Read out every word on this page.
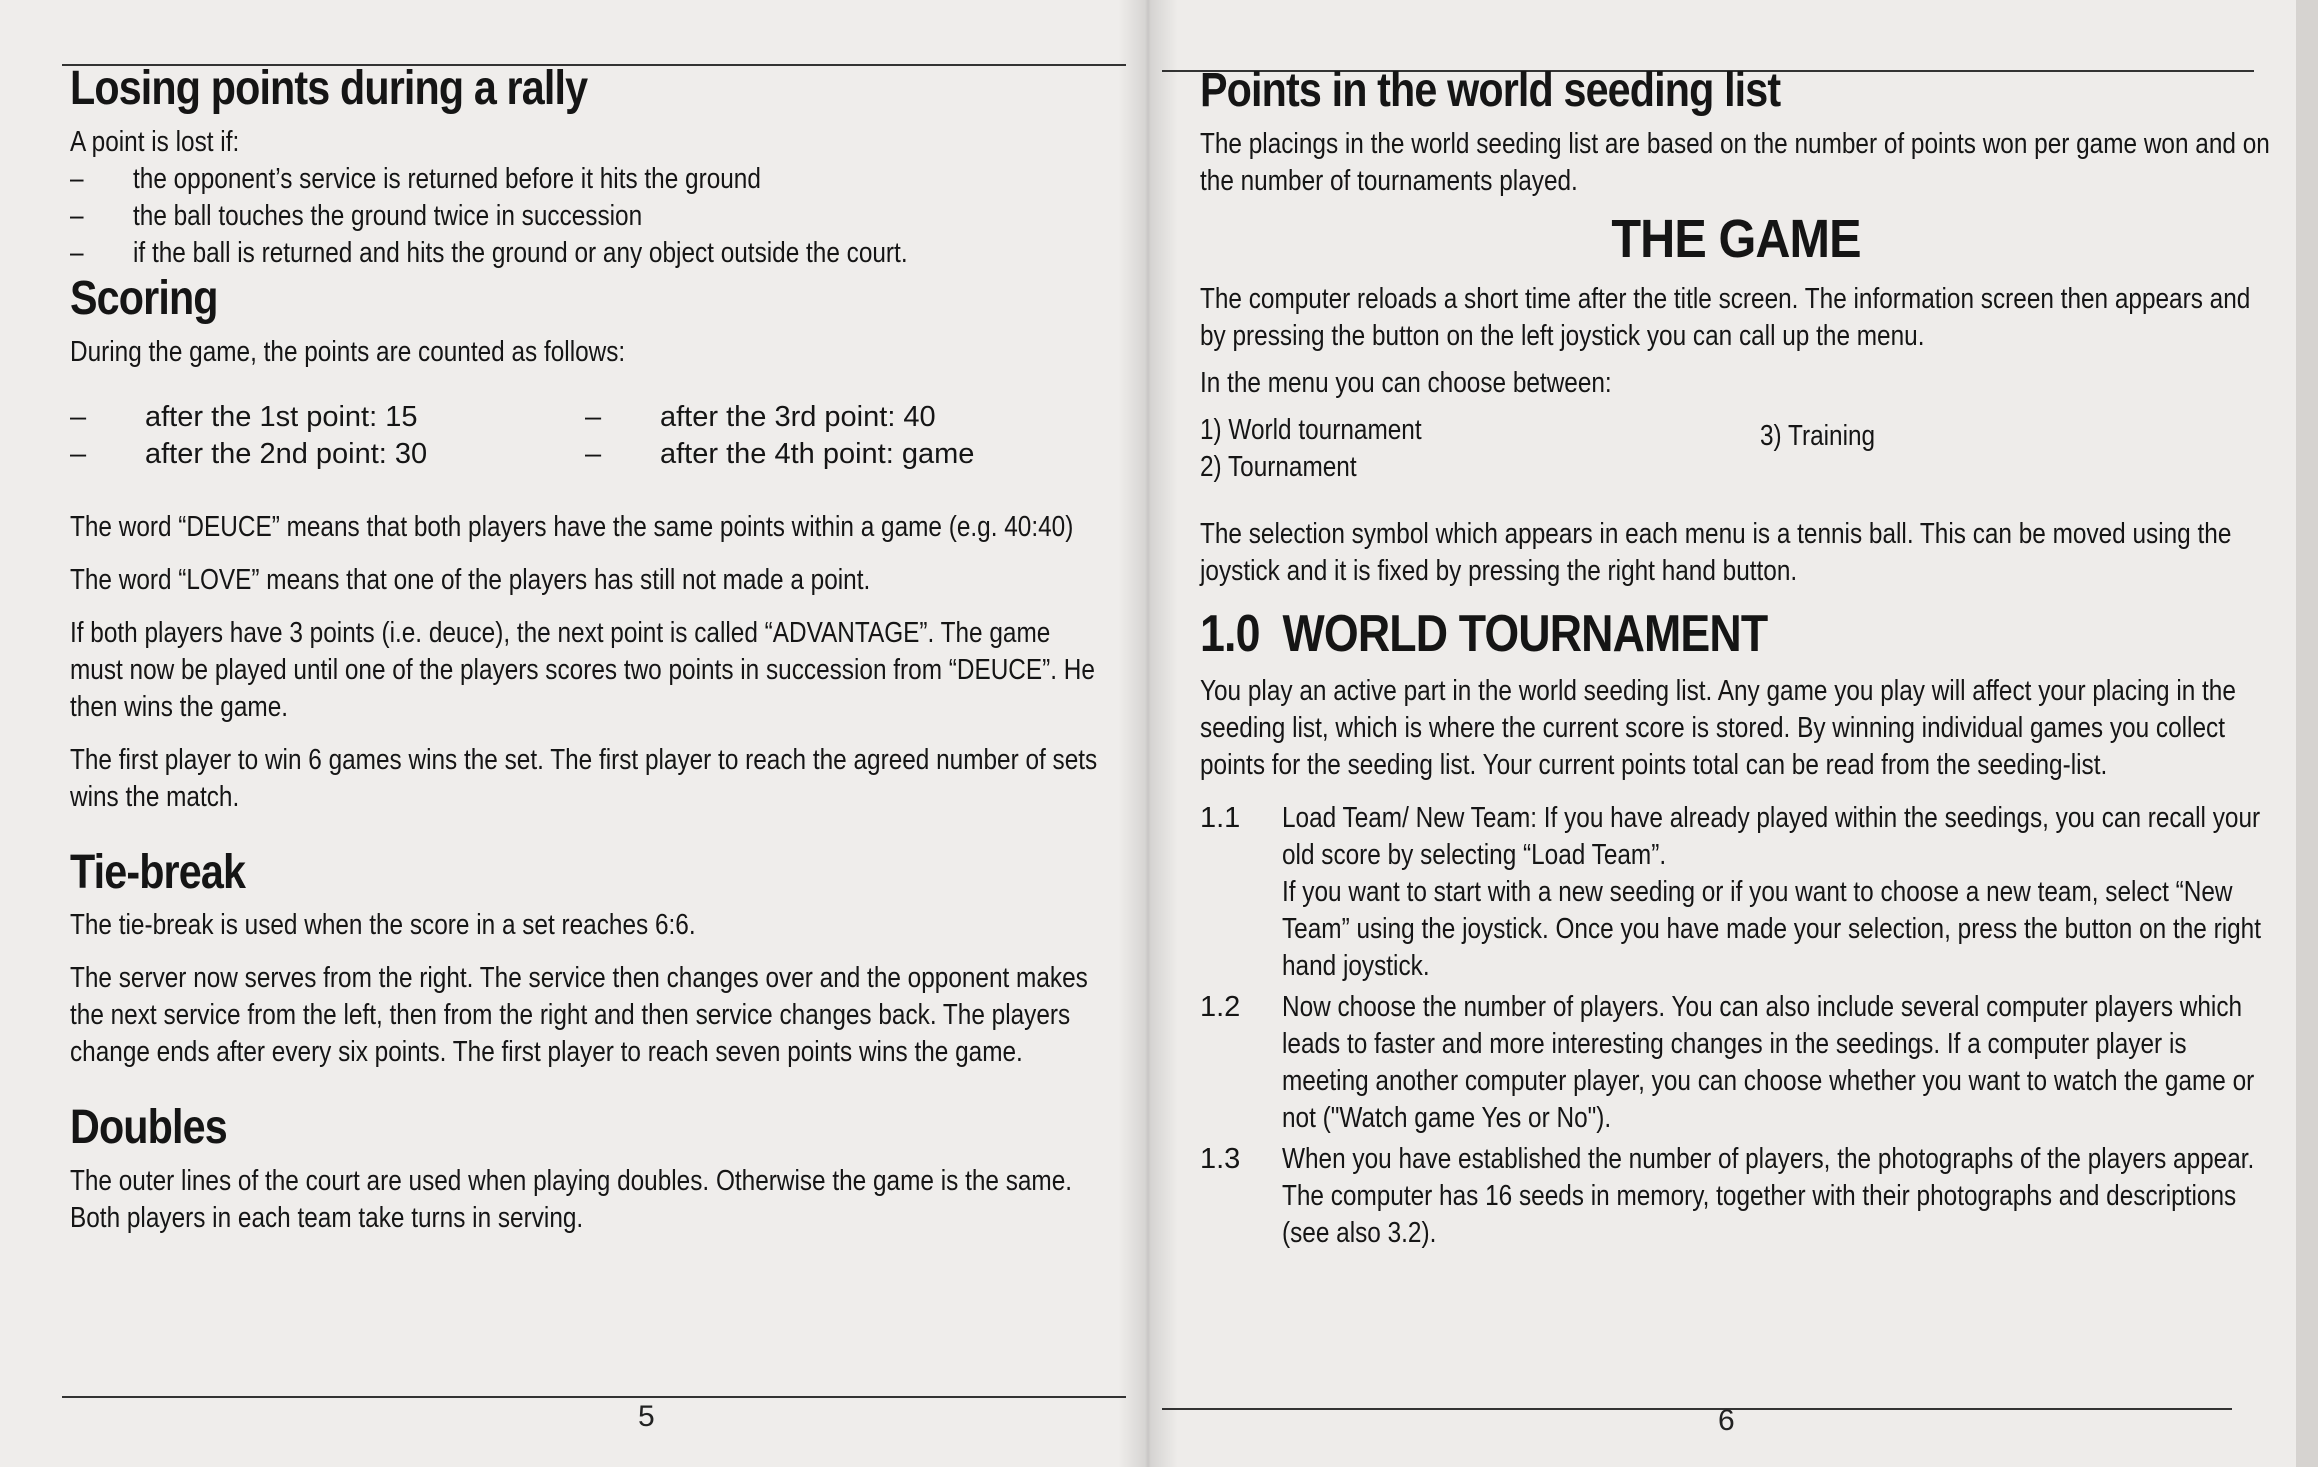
Losing points during a rally

A point is lost if:

– the opponent’s service is returned before it hits the ground
– the ball touches the ground twice in succession
– if the ball is returned and hits the ground or any object outside the court.
Scoring

During the game, the points are counted as follows:

– after the 1st point: 15
– after the 2nd point: 30
– after the 3rd point: 40
– after the 4th point: game

The word “DEUCE” means that both players have the same points within a game (e.g. 40:40)

The word “LOVE” means that one of the players has still not made a point.

If both players have 3 points (i.e. deuce), the next point is called “ADVANTAGE”. The game must now be played until one of the players scores two points in succession from “DEUCE”. He then wins the game.

The first player to win 6 games wins the set. The first player to reach the agreed number of sets wins the match.

Tie-break

The tie-break is used when the score in a set reaches 6:6.

The server now serves from the right. The service then changes over and the opponent makes the next service from the left, then from the right and then service changes back. The players change ends after every six points. The first player to reach seven points wins the game.

Doubles

The outer lines of the court are used when playing doubles. Otherwise the game is the same. Both players in each team take turns in serving.

5
Points in the world seeding list

The placings in the world seeding list are based on the number of points won per game won and on the number of tournaments played.

THE GAME

The computer reloads a short time after the title screen. The information screen then appears and by pressing the button on the left joystick you can call up the menu.

In the menu you can choose between:

1) World tournament

2) Tournament

3) Training

The selection symbol which appears in each menu is a tennis ball. This can be moved using the joystick and it is fixed by pressing the right hand button.

1.0 WORLD TOURNAMENT

You play an active part in the world seeding list. Any game you play will affect your placing in the seeding list, which is where the current score is stored. By winning individual games you collect points for the seeding list. Your current points total can be read from the seeding-list.

1.1	Load Team/ New Team: If you have already played within the seedings, you can recall your old score by selecting “Load Team”.

If you want to start with a new seeding or if you want to choose a new team, select “New Team” using the joystick. Once you have made your selection, press the button on the right hand joystick.

1.2	Now choose the number of players. You can also include several computer players which leads to faster and more interesting changes in the seedings. If a computer player is meeting another computer player, you can choose whether you want to watch the game or not ("Watch game Yes or No").

1.3	When you have established the number of players, the photographs of the players appear.

The computer has 16 seeds in memory, together with their photographs and descriptions (see also 3.2).

6
